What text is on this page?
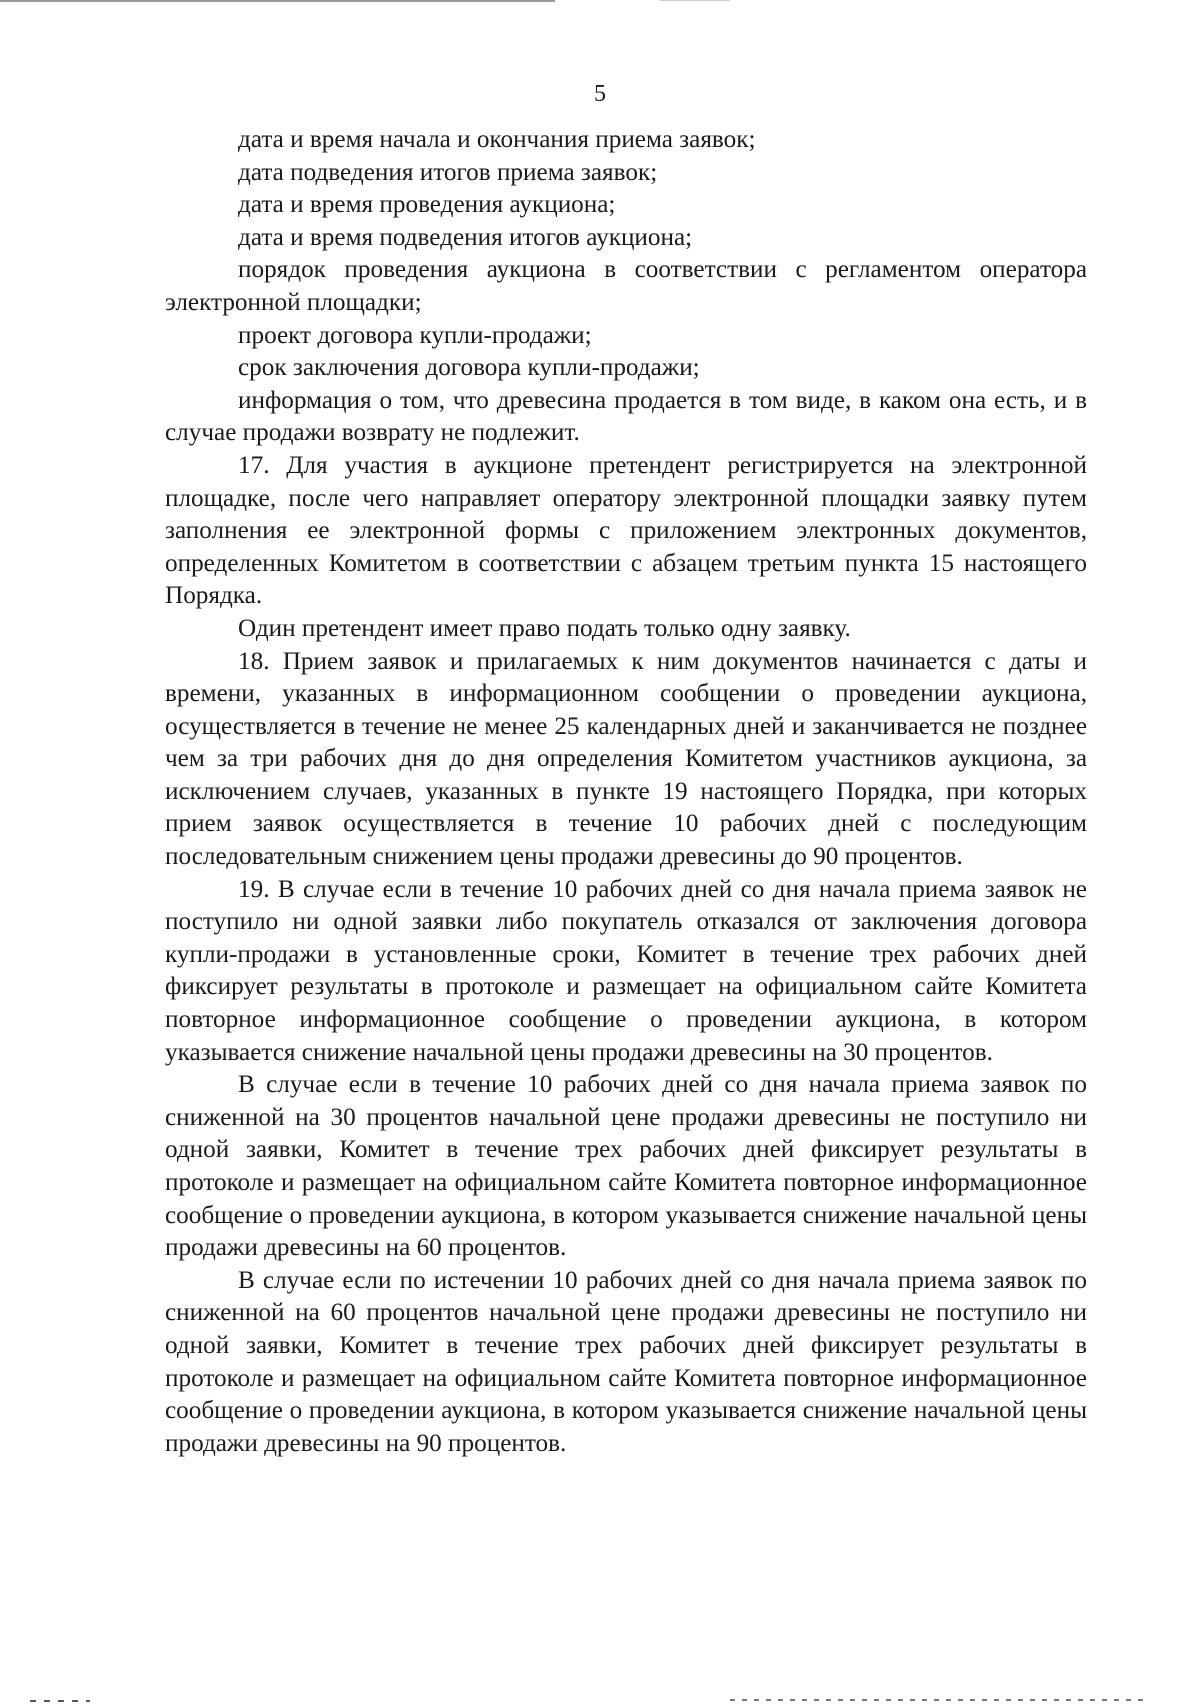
5

дата и время начала и окончания приема заявок;

дата подведения итогов приема заявок;

дата и время проведения аукциона;

дата и время подведения итогов аукциона;

порядок проведения аукциона в соответствии с регламентом оператора электронной площадки;

проект договора купли-продажи;

срок заключения договора купли-продажи;

информация о том, что древесина продается в том виде, в каком она есть, и в случае продажи возврату не подлежит.

17. Для участия в аукционе претендент регистрируется на электронной площадке, после чего направляет оператору электронной площадки заявку путем заполнения ее электронной формы с приложением электронных документов, определенных Комитетом в соответствии с абзацем третьим пункта 15 настоящего Порядка.

Один претендент имеет право подать только одну заявку.

18. Прием заявок и прилагаемых к ним документов начинается с даты и времени, указанных в информационном сообщении о проведении аукциона, осуществляется в течение не менее 25 календарных дней и заканчивается не позднее чем за три рабочих дня до дня определения Комитетом участников аукциона, за исключением случаев, указанных в пункте 19 настоящего Порядка, при которых прием заявок осуществляется в течение 10 рабочих дней с последующим последовательным снижением цены продажи древесины до 90 процентов.

19. В случае если в течение 10 рабочих дней со дня начала приема заявок не поступило ни одной заявки либо покупатель отказался от заключения договора купли-продажи в установленные сроки, Комитет в течение трех рабочих дней фиксирует результаты в протоколе и размещает на официальном сайте Комитета повторное информационное сообщение о проведении аукциона, в котором указывается снижение начальной цены продажи древесины на 30 процентов.

В случае если в течение 10 рабочих дней со дня начала приема заявок по сниженной на 30 процентов начальной цене продажи древесины не поступило ни одной заявки, Комитет в течение трех рабочих дней фиксирует результаты в протоколе и размещает на официальном сайте Комитета повторное информационное сообщение о проведении аукциона, в котором указывается снижение начальной цены продажи древесины на 60 процентов.

В случае если по истечении 10 рабочих дней со дня начала приема заявок по сниженной на 60 процентов начальной цене продажи древесины не поступило ни одной заявки, Комитет в течение трех рабочих дней фиксирует результаты в протоколе и размещает на официальном сайте Комитета повторное информационное сообщение о проведении аукциона, в котором указывается снижение начальной цены продажи древесины на 90 процентов.
